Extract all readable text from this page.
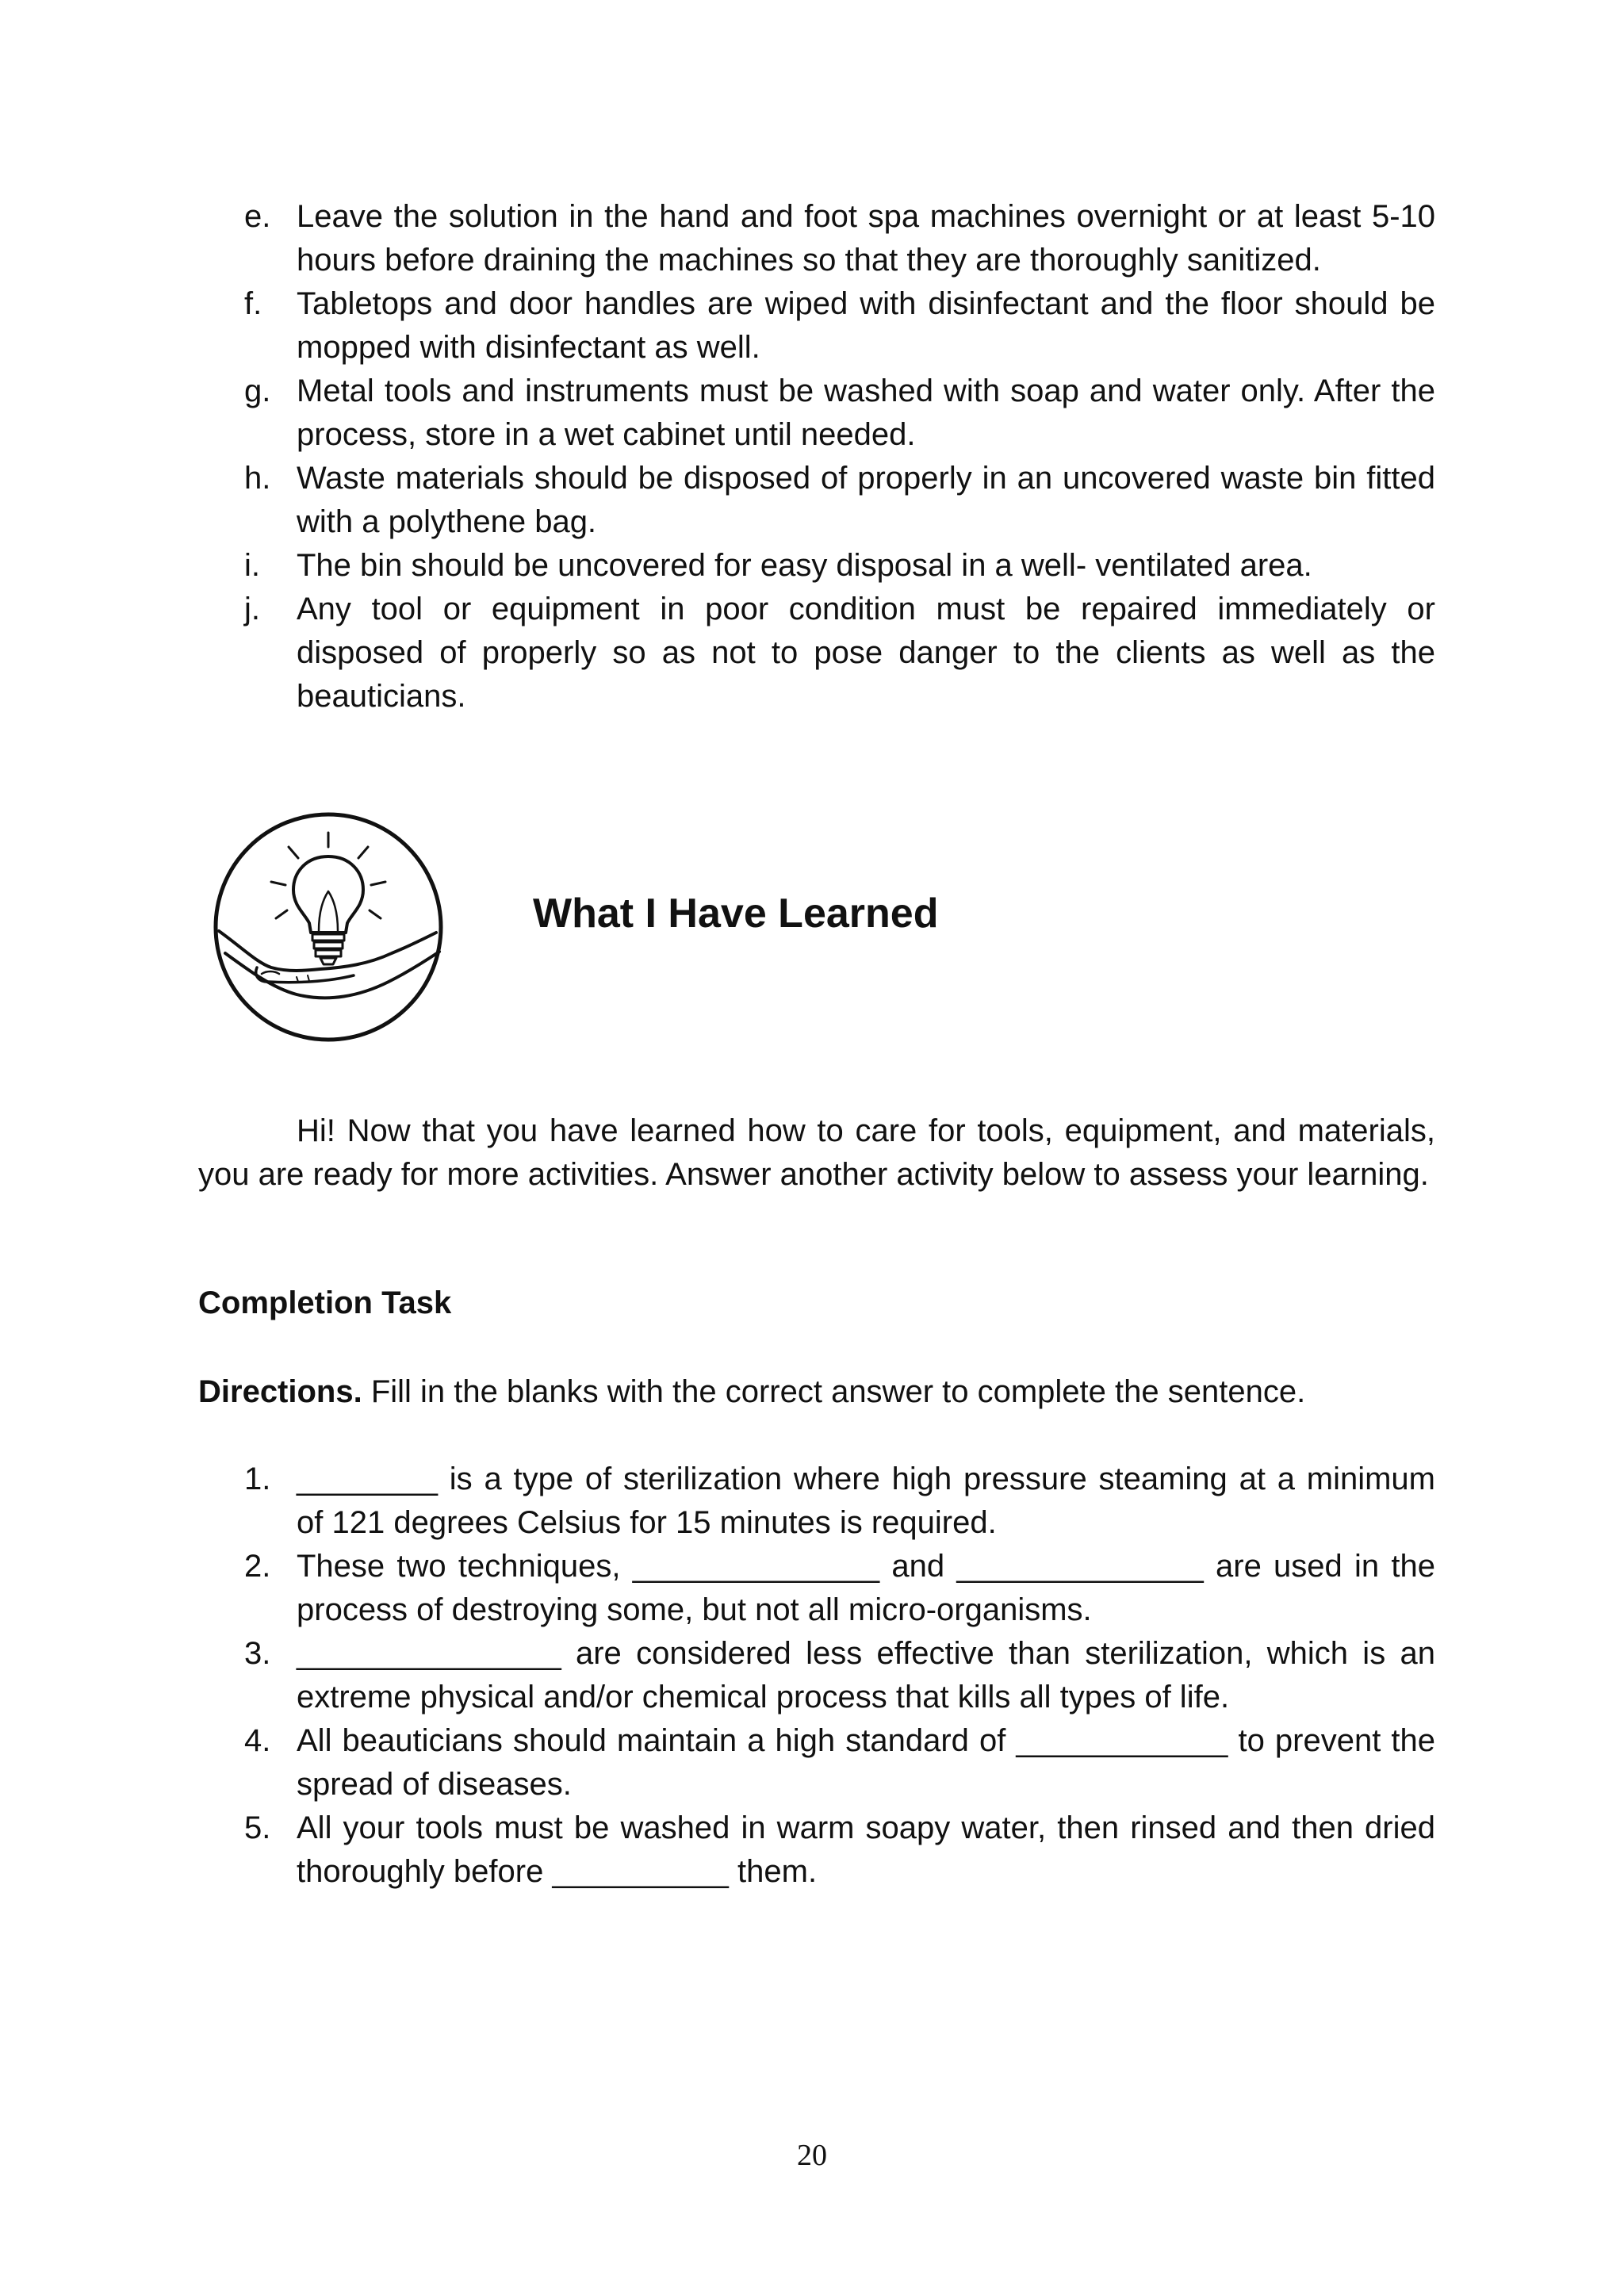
e. Leave the solution in the hand and foot spa machines overnight or at least 5-10 hours before draining the machines so that they are thoroughly sanitized.
f. Tabletops and door handles are wiped with disinfectant and the floor should be mopped with disinfectant as well.
g. Metal tools and instruments must be washed with soap and water only. After the process, store in a wet cabinet until needed.
h. Waste materials should be disposed of properly in an uncovered waste bin fitted with a polythene bag.
i. The bin should be uncovered for easy disposal in a well- ventilated area.
j. Any tool or equipment in poor condition must be repaired immediately or disposed of properly so as not to pose danger to the clients as well as the beauticians.
What I Have Learned

Hi! Now that you have learned how to care for tools, equipment, and materials, you are ready for more activities. Answer another activity below to assess your learning.

Completion Task

Directions. Fill in the blanks with the correct answer to complete the sentence.

1. ________ is a type of sterilization where high pressure steaming at a minimum of 121 degrees Celsius for 15 minutes is required.
2. These two techniques, ______________ and ______________ are used in the process of destroying some, but not all micro-organisms.
3. _______________ are considered less effective than sterilization, which is an extreme physical and/or chemical process that kills all types of life.
4. All beauticians should maintain a high standard of ____________ to prevent the spread of diseases.
5. All your tools must be washed in warm soapy water, then rinsed and then dried thoroughly before __________ them.
20
